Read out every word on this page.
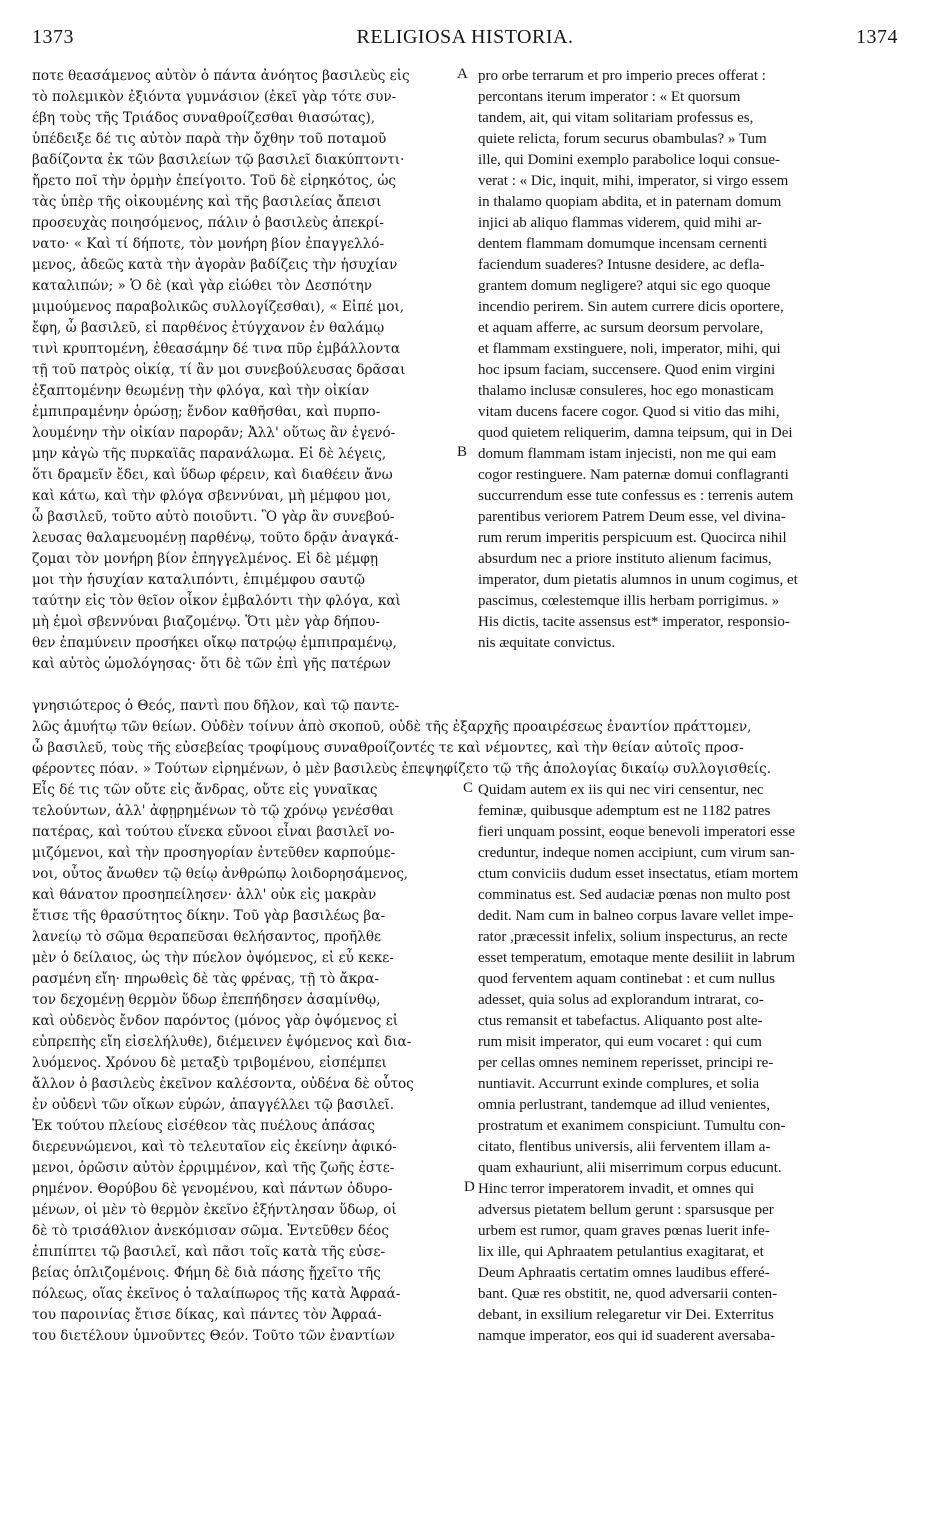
1373	RELIGIOSA HISTORIA.	1374
ποτε θεασάμενος αὐτὸν ὁ πάντα ἀνόητος βασιλεὺς εἰς
τὸ πολεμικὸν ἐξιόντα γυμνάσιον (ἐκεῖ γὰρ τότε συν-
έβη τοὺς τῆς Τριάδος συναθροίζεσθαι θιασώτας),
ὑπέδειξε δέ τις αὐτὸν παρὰ τὴν ὄχθην τοῦ ποταμοῦ
βαδίζοντα ἐκ τῶν βασιλείων τῷ βασιλεῖ διακύπτοντι·
ἤρετο ποῖ τὴν ὁρμὴν ἐπείγοιτο. Τοῦ δὲ εἰρηκότος, ὡς
τὰς ὑπὲρ τῆς οἰκουμένης καὶ τῆς βασιλείας ἄπεισι
προσευχὰς ποιησόμενος, πάλιν ὁ βασιλεὺς ἀπεκρί-
νατο· « Καὶ τί δήποτε, τὸν μονήρη βίον ἐπαγγελλό-
μενος, ἀδεῶς κατὰ τὴν ἀγορὰν βαδίζεις τὴν ἡσυχίαν
καταλιπών; » Ὁ δὲ (καὶ γὰρ εἰώθει τὸν Δεσπότην
μιμούμενος παραβολικῶς συλλογίζεσθαι), « Εἰπέ μοι,
ἔφη, ὦ βασιλεῦ, εἰ παρθένος ἐτύγχανον ἐν θαλάμῳ
τινὶ κρυπτομένη, ἐθεασάμην δέ τινα πῦρ ἐμβάλλοντα
τῇ τοῦ πατρὸς οἰκίᾳ, τί ἂν μοι συνεβούλευσας δρᾶσαι
ἐξαπτομένην θεωμένῃ τὴν φλόγα, καὶ τὴν οἰκίαν
ἐμπιπραμένην ὁρώσῃ; ἔνδον καθῆσθαι, καὶ πυρπο-
λουμένην τὴν οἰκίαν παρορᾶν; Ἀλλ' οὕτως ἂν ἐγενό-
μην κἀγὼ τῆς πυρκαϊᾶς παρανάλωμα. Εἰ δὲ λέγεις,
ὅτι δραμεῖν ἔδει, καὶ ὕδωρ φέρειν, καὶ διαθέειν ἄνω
καὶ κάτω, καὶ τὴν φλόγα σβεννύναι, μὴ μέμφου μοι,
ὦ βασιλεῦ, τοῦτο αὐτὸ ποιοῦντι. Ὃ γὰρ ἂν συνεβού-
λευσας θαλαμευομένῃ παρθένῳ, τοῦτο δρᾷν ἀναγκά-
ζομαι τὸν μονήρη βίον ἐπηγγελμένος. Εἰ δὲ μέμφῃ
μοι τὴν ἡσυχίαν καταλιπόντι, ἐπιμέμφου σαυτῷ
ταύτην εἰς τὸν θεῖον οἶκον ἐμβαλόντι τὴν φλόγα, καὶ
μὴ ἐμοὶ σβεννύναι βιαζομένῳ. Ὅτι μὲν γὰρ δήπου-
θεν ἐπαμύνειν προσήκει οἴκῳ πατρῴῳ ἐμπιπραμένῳ,
καὶ αὐτὸς ὡμολόγησας· ὅτι δὲ τῶν ἐπὶ γῆς πατέρων
pro orbe terrarum et pro imperio preces offerat :
percontans iterum imperator : « Et quorsum
tandem, ait, qui vitam solitariam professus es,
quiete relicta, forum securus obambulas? » Tum
ille, qui Domini exemplo parabolice loqui consue-
verat : « Dic, inquit, mihi, imperator, si virgo essem
in thalamo quopiam abdita, et in paternam domum
injici ab aliquo flammas viderem, quid mihi ar-
dentem flammam domumque incensam cernenti
faciendum suaderes? Intusne desidere, ac defla-
grantem domum negligere? atqui sic ego quoque
incendio perirem. Sin autem currere dicis oportere,
et aquam afferre, ac sursum deorsum pervolare,
et flammam exstinguere, noli, imperator, mihi, qui
hoc ipsum faciam, succensere. Quod enim virgini
thalamo inclusæ consuleres, hoc ego monasticam
vitam ducens facere cogor. Quod si vitio das mihi,
quod quietem reliquerim, damna teipsum, qui in Dei
domum flammam istam injecisti, non me qui eam
cogor restinguere. Nam paternæ domui conflagranti
succurrendum esse tute confessus es : terrenis autem
parentibus veriorem Patrem Deum esse, vel divina-
rum rerum imperitis perspicuum est. Quocirca nihil
absurdum nec a priore instituto alienum facimus,
imperator, dum pietatis alumnos in unum cogimus, et
pascimus, cœlestemque illis herbam porrigimus. »
His dictis, tacite assensus est* imperator, responsio-
nis æquitate convictus.
γνησιώτερος ὁ Θεός, παντὶ που δῆλον, καὶ τῷ παντε-
λῶς ἀμυήτῳ τῶν θείων. Οὐδὲν τοίνυν ἀπὸ σκοποῦ, οὐδὲ τῆς ἐξαρχῆς προαιρέσεως ἐναντίον πράττομεν,
ὦ βασιλεῦ, τοὺς τῆς εὐσεβείας τροφίμους συναθροίζοντές τε καὶ νέμοντες, καὶ τὴν θείαν αὐτοῖς προσ-
φέροντες πόαν. » Τούτων εἰρημένων, ὁ μὲν βασιλεὺς ἐπεψηφίζετο τῷ τῆς ἀπολογίας δικαίῳ συλλογισθείς.
Εἷς δέ τις τῶν οὔτε εἰς ἄνδρας, οὔτε εἰς γυναῖκας
τελούντων, ἀλλ' ἀφῃρημένων τὸ τῷ χρόνῳ γενέσθαι
πατέρας, καὶ τούτου εἵνεκα εὔνοοι εἶναι βασιλεῖ νο-
μιζόμενοι, καὶ τὴν προσηγορίαν ἐντεῦθεν καρπούμε-
νοι, οὗτος ἄνωθεν τῷ θείῳ ἀνθρώπῳ λοιδορησάμενος,
καὶ θάνατον προσηπείλησεν· ἀλλ' οὐκ εἰς μακρὰν
ἔτισε τῆς θρασύτητος δίκην. Τοῦ γὰρ βασιλέως βα-
λανείῳ τὸ σῶμα θεραπεῦσαι θελήσαντος, προῆλθε
μὲν ὁ δείλαιος, ὡς τὴν πύελον ὀψόμενος, εἰ εὖ κεκε-
ρασμένη εἴη· πηρωθεὶς δὲ τὰς φρένας, τῇ τὸ ἄκρα-
τον δεχομένῃ θερμὸν ὕδωρ ἐπεπήδησεν ἀσαμίνθῳ,
καὶ οὐδενὸς ἔνδον παρόντος (μόνος γὰρ ὀψόμενος εἰ
εὐπρεπὴς εἴη εἰσελήλυθε), διέμεινεν ἑψόμενος καὶ δια-
λυόμενος. Χρόνου δὲ μεταξὺ τριβομένου, εἰσπέμπει
ἄλλον ὁ βασιλεὺς ἐκεῖνον καλέσοντα, οὐδένα δὲ οὗτος
ἐν οὐδενὶ τῶν οἴκων εὑρών, ἀπαγγέλλει τῷ βασιλεῖ.
Ἐκ τούτου πλείους εἰσέθεον τὰς πυέλους ἁπάσας
διερευνώμενοι, καὶ τὸ τελευταῖον εἰς ἐκείνην ἀφικό-
μενοι, ὁρῶσιν αὐτὸν ἐρριμμένον, καὶ τῆς ζωῆς ἐστε-
ρημένον. Θορύβου δὲ γενομένου, καὶ πάντων ὀδυρο-
μένων, οἱ μὲν τὸ θερμὸν ἐκεῖνο ἐξήντλησαν ὕδωρ, οἱ
δὲ τὸ τρισάθλιον ἀνεκόμισαν σῶμα. Ἐντεῦθεν δέος
ἐπιπίπτει τῷ βασιλεῖ, καὶ πᾶσι τοῖς κατὰ τῆς εὐσε-
βείας ὁπλιζομένοις. Φήμη δὲ διὰ πάσης ᾔχεῖτο τῆς
πόλεως, οἵας ἐκεῖνος ὁ ταλαίπωρος τῆς κατὰ Ἀφραά-
του παροινίας ἔτισε δίκας, καὶ πάντες τὸν Ἀφραά-
του διετέλουν ὑμνοῦντες Θεόν. Τοῦτο τῶν ἐναντίων
Quidam autem ex iis qui nec viri censentur, nec
feminæ, quibusque ademptum est ne 1182 patres
fieri unquam possint, eoque benevoli imperatori esse
creduntur, indeque nomen accipiunt, cum virum san-
ctum conviciis dudum esset insectatus, etiam mortem
comminatus est. Sed audaciæ pœnas non multo post
dedit. Nam cum in balneo corpus lavare vellet impe-
rator ,præcessit infelix, solium inspecturus, an recte
esset temperatum, emotaque mente desiliit in labrum
quod ferventem aquam continebat : et cum nullus
adesset, quia solus ad explorandum intrarat, co-
ctus remansit et tabefactus. Aliquanto post alte-
rum misit imperator, qui eum vocaret : qui cum
per cellas omnes neminem reperisset, principi re-
nuntiavit. Accurrunt exinde complures, et solia
omnia perlustrant, tandemque ad illud venientes,
prostratum et exanimem conspiciunt. Tumultu con-
citato, flentibus universis, alii ferventem illam a-
quam exhauriunt, alii miserrimum corpus educunt.
Hinc terror imperatorem invadit, et omnes qui
adversus pietatem bellum gerunt : sparsusque per
urbem est rumor, quam graves pœnas luerit infe-
lix ille, qui Aphraatem petulantius exagitarat, et
Deum Aphraatis certatim omnes laudibus efferé-
bant. Quæ res obstitit, ne, quod adversarii conten-
debant, in exsilium relegaretur vir Dei. Exterritus
namque imperator, eos qui id suaderent aversaba-
A
B
C
D
